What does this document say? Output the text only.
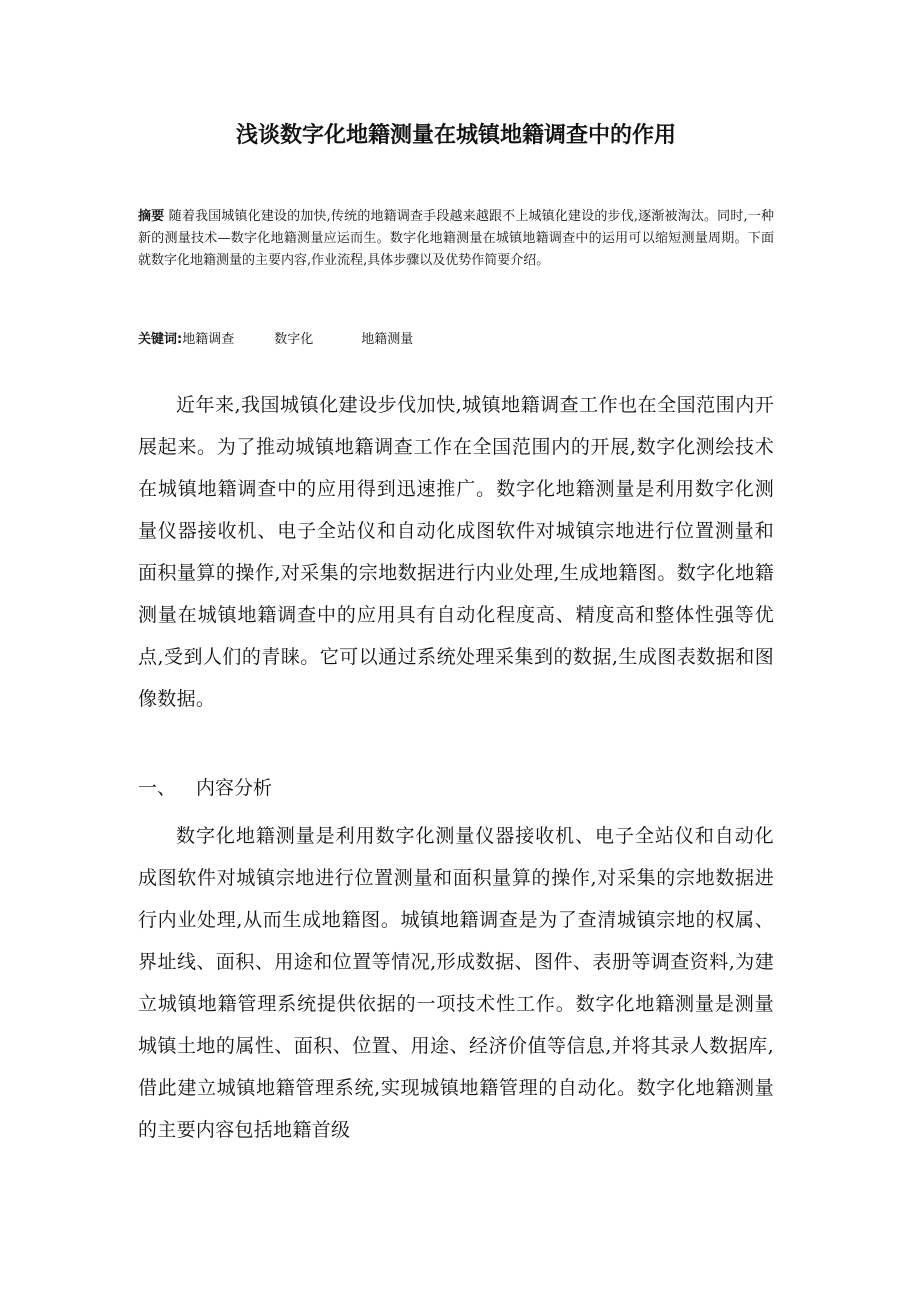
浅谈数字化地籍测量在城镇地籍调查中的作用

摘要 随着我国城镇化建设的加快,传统的地籍调查手段越来越跟不上城镇化建设的步伐,逐渐被淘汰。同时,一种新的测量技术—数字化地籍测量应运而生。数字化地籍测量在城镇地籍调查中的运用可以缩短测量周期。下面就数字化地籍测量的主要内容,作业流程,具体步骤以及优势作简要介绍。

关键词:地籍调查	数字化	地籍测量

近年来,我国城镇化建设步伐加快,城镇地籍调查工作也在全国范围内开展起来。为了推动城镇地籍调查工作在全国范围内的开展,数字化测绘技术在城镇地籍调查中的应用得到迅速推广。数字化地籍测量是利用数字化测量仪器接收机、电子全站仪和自动化成图软件对城镇宗地进行位置测量和面积量算的操作,对采集的宗地数据进行内业处理,生成地籍图。数字化地籍测量在城镇地籍调查中的应用具有自动化程度高、精度高和整体性强等优点,受到人们的青睐。它可以通过系统处理采集到的数据,生成图表数据和图像数据。

一、 内容分析

数字化地籍测量是利用数字化测量仪器接收机、电子全站仪和自动化成图软件对城镇宗地进行位置测量和面积量算的操作,对采集的宗地数据进行内业处理,从而生成地籍图。城镇地籍调查是为了查清城镇宗地的权属、界址线、面积、用途和位置等情况,形成数据、图件、表册等调查资料,为建立城镇地籍管理系统提供依据的一项技术性工作。数字化地籍测量是测量城镇土地的属性、面积、位置、用途、经济价值等信息,并将其录人数据库,借此建立城镇地籍管理系统,实现城镇地籍管理的自动化。数字化地籍测量的主要内容包括地籍首级
